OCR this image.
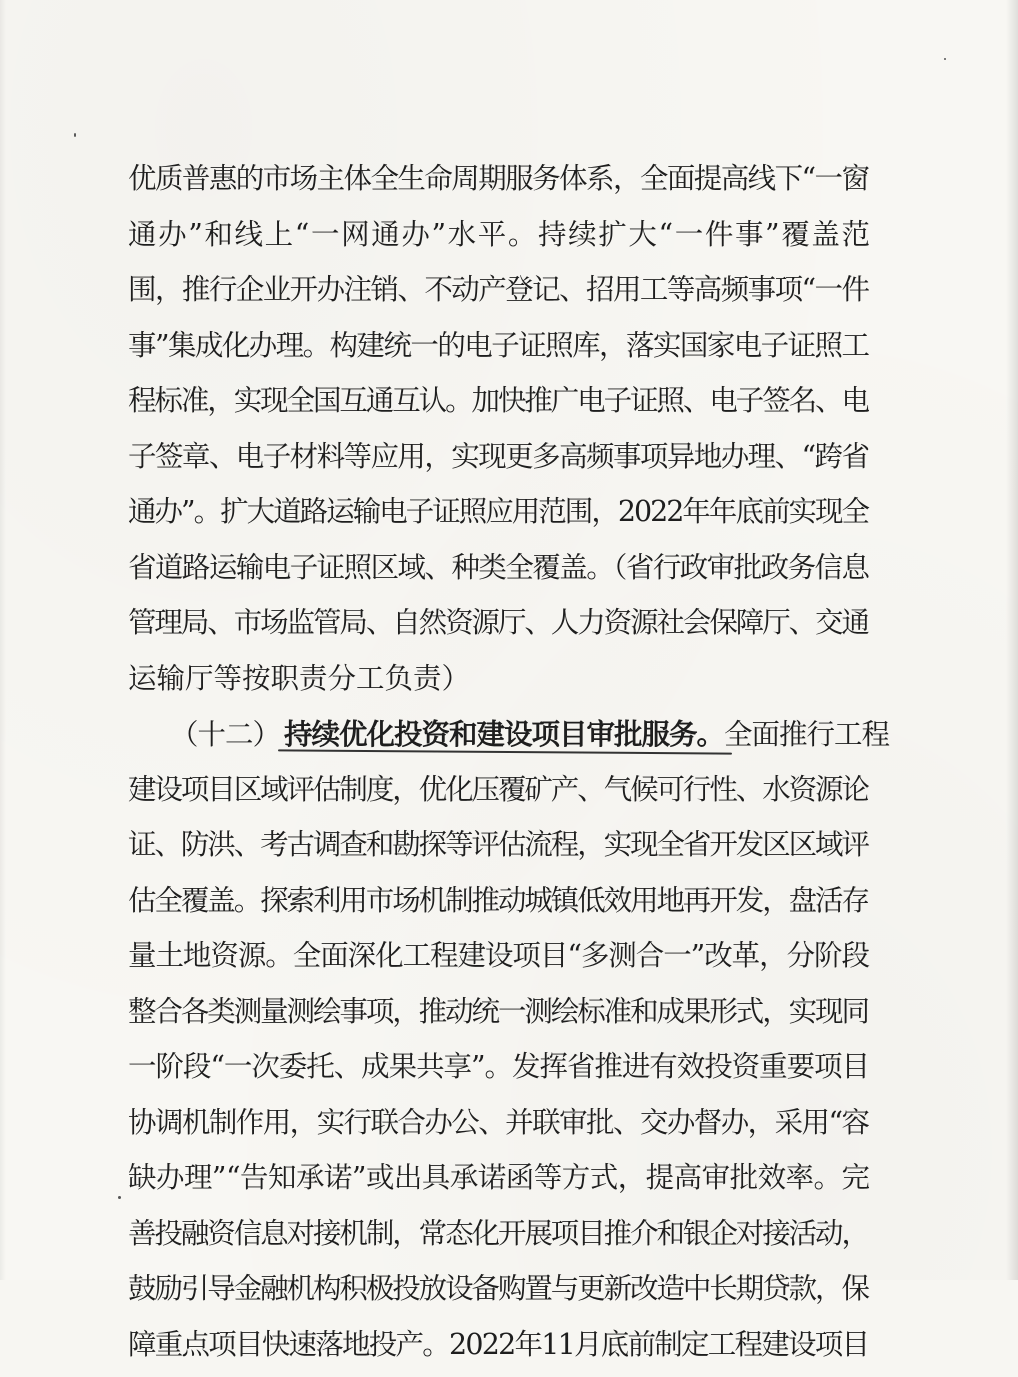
优质普惠的市场主体全生命周期服务体系，全面提高线下“一窗
通办”和线上“一网通办”水平。持续扩大“一件事”覆盖范
围，推行企业开办注销、不动产登记、招用工等高频事项“一件
事”集成化办理。构建统一的电子证照库，落实国家电子证照工
程标准，实现全国互通互认。加快推广电子证照、电子签名、电
子签章、电子材料等应用，实现更多高频事项异地办理、“跨省
通办”。扩大道路运输电子证照应用范围，2022年年底前实现全
省道路运输电子证照区域、种类全覆盖。（省行政审批政务信息
管理局、市场监管局、自然资源厅、人力资源社会保障厅、交通
运输厅等按职责分工负责）
（十二） 持续优化投资和建设项目审批服务。全面推行工程
建设项目区域评估制度，优化压覆矿产、气候可行性、水资源论
证、防洪、考古调查和勘探等评估流程，实现全省开发区区域评
估全覆盖。探索利用市场机制推动城镇低效用地再开发，盘活存
量土地资源。全面深化工程建设项目“多测合一”改革，分阶段
整合各类测量测绘事项，推动统一测绘标准和成果形式，实现同
一阶段“一次委托、成果共享”。发挥省推进有效投资重要项目
协调机制作用，实行联合办公、并联审批、交办督办，采用“容
缺办理”“告知承诺”或出具承诺函等方式，提高审批效率。完
善投融资信息对接机制，常态化开展项目推介和银企对接活动，
鼓励引导金融机构积极投放设备购置与更新改造中长期贷款，保
障重点项目快速落地投产。2022年11月底前制定工程建设项目
